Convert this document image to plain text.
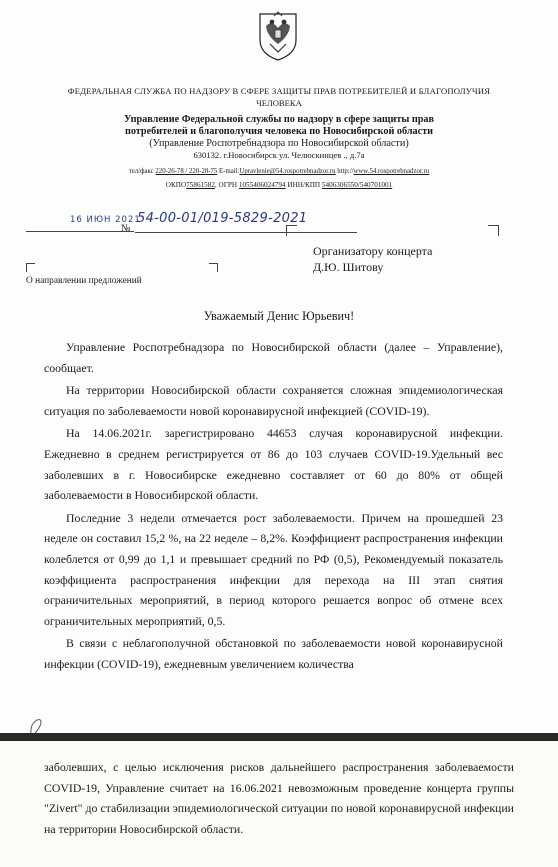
ФЕДЕРАЛЬНАЯ СЛУЖБА ПО НАДЗОРУ В СФЕРЕ ЗАЩИТЫ ПРАВ ПОТРЕБИТЕЛЕЙ И БЛАГОПОЛУЧИЯ
ЧЕЛОВЕКА
Управление Федеральной службы по надзору в сфере защиты прав
потребителей и благополучия человека по Новосибирской области
(Управление Роспотребнадзора по Новосибирской области)
630132. г.Новосибирск ул. Челюскинцев ., д.7а
тел/факс 220-26-78 / 220-28-75 E-mail:Upravlenie@54.rospotrebnadzor.ru http://www.54.rospotrebnadzor.ru
ОКПО75861582, ОГРН 1055406024794 ИНН/КПП 5406306550/540701001
16 ИЮН 2021
№
54-00-01/019-5829-2021
Организатору концерта
Д.Ю. Шитову
О направлении предложений
Уважаемый Денис Юрьевич!

Управление Роспотребнадзора по Новосибирской области (далее – Управление), сообщает.

На территории Новосибирской области сохраняется сложная эпидемиологическая ситуация по заболеваемости новой коронавирусной инфекцией (COVID-19).

На 14.06.2021г. зарегистрировано 44653 случая коронавирусной инфекции. Ежедневно в среднем регистрируется от 86 до 103 случаев COVID-19.Удельный вес заболевших в г. Новосибирске ежедневно составляет от 60 до 80% от общей заболеваемости в Новосибирской области.

Последние 3 недели отмечается рост заболеваемости. Причем на прошедшей 23 неделе он составил 15,2 %, на 22 неделе – 8,2%. Коэффициент распространения инфекции колеблется от 0,99 до 1,1 и превышает средний по РФ (0,5), Рекомендуемый показатель коэффициента распространения инфекции для перехода на III этап снятия ограничительных мероприятий, в период которого решается вопрос об отмене всех ограничительных мероприятий, 0,5.

В связи с неблагополучной обстановкой по заболеваемости новой коронавирусной инфекции (COVID-19), ежедневным увеличением количества

заболевших, с целью исключения рисков дальнейшего распространения заболеваемости COVID-19, Управление считает на 16.06.2021 невозможным проведение концерта группы "Zivert" до стабилизации эпидемиологической ситуации по новой коронавирусной инфекции на территории Новосибирской области.
